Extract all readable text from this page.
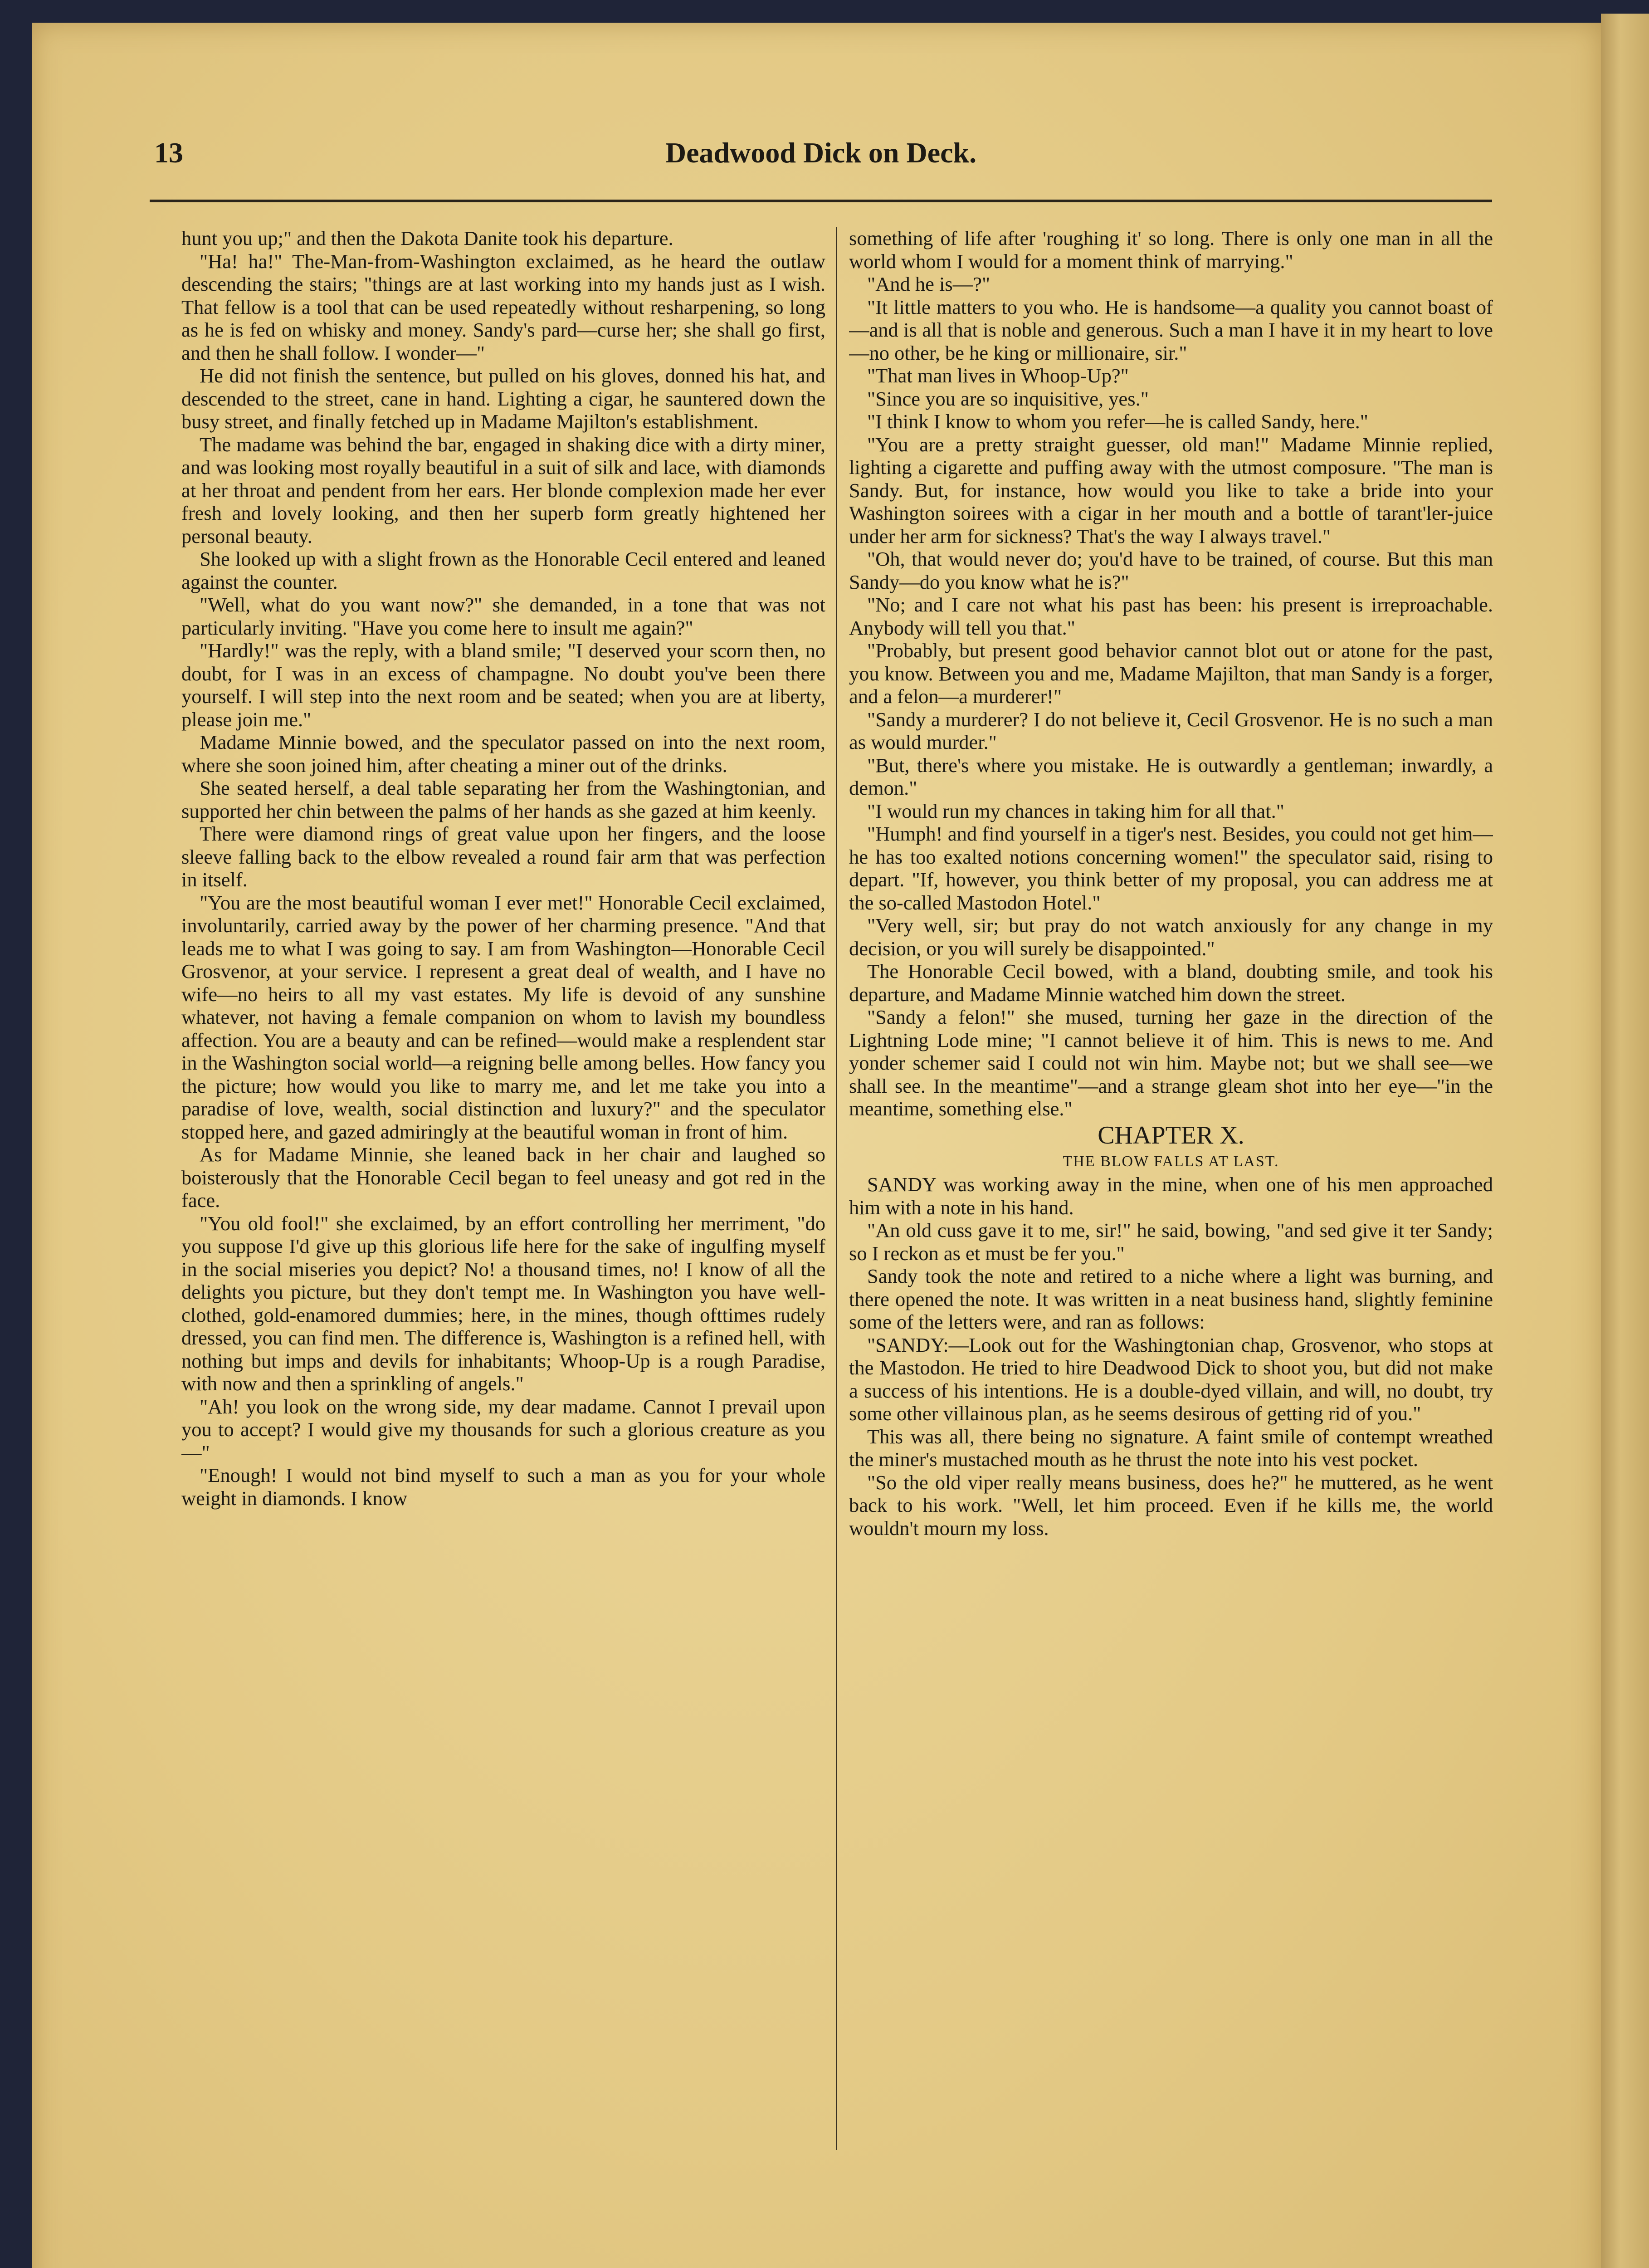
13	Deadwood Dick on Deck.

hunt you up;" and then the Dakota Danite took his departure.

"Ha! ha!" The-Man-from-Washington exclaimed, as he heard the outlaw descending the stairs; "things are at last working into my hands just as I wish. That fellow is a tool that can be used repeatedly without resharpening, so long as he is fed on whisky and money. Sandy's pard—curse her; she shall go first, and then he shall follow. I wonder—"

He did not finish the sentence, but pulled on his gloves, donned his hat, and descended to the street, cane in hand. Lighting a cigar, he sauntered down the busy street, and finally fetched up in Madame Majilton's establishment.

The madame was behind the bar, engaged in shaking dice with a dirty miner, and was looking most royally beautiful in a suit of silk and lace, with diamonds at her throat and pendent from her ears. Her blonde complexion made her ever fresh and lovely looking, and then her superb form greatly hightened her personal beauty.

She looked up with a slight frown as the Honorable Cecil entered and leaned against the counter.

"Well, what do you want now?" she demanded, in a tone that was not particularly inviting. "Have you come here to insult me again?"

"Hardly!" was the reply, with a bland smile; "I deserved your scorn then, no doubt, for I was in an excess of champagne. No doubt you've been there yourself. I will step into the next room and be seated; when you are at liberty, please join me."

Madame Minnie bowed, and the speculator passed on into the next room, where she soon joined him, after cheating a miner out of the drinks.

She seated herself, a deal table separating her from the Washingtonian, and supported her chin between the palms of her hands as she gazed at him keenly.

There were diamond rings of great value upon her fingers, and the loose sleeve falling back to the elbow revealed a round fair arm that was perfection in itself.

"You are the most beautiful woman I ever met!" Honorable Cecil exclaimed, involuntarily, carried away by the power of her charming presence. "And that leads me to what I was going to say. I am from Washington—Honorable Cecil Grosvenor, at your service. I represent a great deal of wealth, and I have no wife—no heirs to all my vast estates. My life is devoid of any sunshine whatever, not having a female companion on whom to lavish my boundless affection. You are a beauty and can be refined—would make a resplendent star in the Washington social world—a reigning belle among belles. How fancy you the picture; how would you like to marry me, and let me take you into a paradise of love, wealth, social distinction and luxury?" and the speculator stopped here, and gazed admiringly at the beautiful woman in front of him.

As for Madame Minnie, she leaned back in her chair and laughed so boisterously that the Honorable Cecil began to feel uneasy and got red in the face.

"You old fool!" she exclaimed, by an effort controlling her merriment, "do you suppose I'd give up this glorious life here for the sake of ingulfing myself in the social miseries you depict? No! a thousand times, no! I know of all the delights you picture, but they don't tempt me. In Washington you have well-clothed, gold-enamored dummies; here, in the mines, though ofttimes rudely dressed, you can find men. The difference is, Washington is a refined hell, with nothing but imps and devils for inhabitants; Whoop-Up is a rough Paradise, with now and then a sprinkling of angels."

"Ah! you look on the wrong side, my dear madame. Cannot I prevail upon you to accept? I would give my thousands for such a glorious creature as you—"

"Enough! I would not bind myself to such a man as you for your whole weight in diamonds. I know

something of life after 'roughing it' so long. There is only one man in all the world whom I would for a moment think of marrying."

"And he is—?"

"It little matters to you who. He is handsome—a quality you cannot boast of—and is all that is noble and generous. Such a man I have it in my heart to love—no other, be he king or millionaire, sir."

"That man lives in Whoop-Up?"

"Since you are so inquisitive, yes."

"I think I know to whom you refer—he is called Sandy, here."

"You are a pretty straight guesser, old man!" Madame Minnie replied, lighting a cigarette and puffing away with the utmost composure. "The man is Sandy. But, for instance, how would you like to take a bride into your Washington soirees with a cigar in her mouth and a bottle of tarant'ler-juice under her arm for sickness? That's the way I always travel."

"Oh, that would never do; you'd have to be trained, of course. But this man Sandy—do you know what he is?"

"No; and I care not what his past has been: his present is irreproachable. Anybody will tell you that."

"Probably, but present good behavior cannot blot out or atone for the past, you know. Between you and me, Madame Majilton, that man Sandy is a forger, and a felon—a murderer!"

"Sandy a murderer? I do not believe it, Cecil Grosvenor. He is no such a man as would murder."

"But, there's where you mistake. He is outwardly a gentleman; inwardly, a demon."

"I would run my chances in taking him for all that."

"Humph! and find yourself in a tiger's nest. Besides, you could not get him—he has too exalted notions concerning women!" the speculator said, rising to depart. "If, however, you think better of my proposal, you can address me at the so-called Mastodon Hotel."

"Very well, sir; but pray do not watch anxiously for any change in my decision, or you will surely be disappointed."

The Honorable Cecil bowed, with a bland, doubting smile, and took his departure, and Madame Minnie watched him down the street.

"Sandy a felon!" she mused, turning her gaze in the direction of the Lightning Lode mine; "I cannot believe it of him. This is news to me. And yonder schemer said I could not win him. Maybe not; but we shall see—we shall see. In the meantime"—and a strange gleam shot into her eye—"in the meantime, something else."

CHAPTER X.

THE BLOW FALLS AT LAST.

SANDY was working away in the mine, when one of his men approached him with a note in his hand.

"An old cuss gave it to me, sir!" he said, bowing, "and sed give it ter Sandy; so I reckon as et must be fer you."

Sandy took the note and retired to a niche where a light was burning, and there opened the note. It was written in a neat business hand, slightly feminine some of the letters were, and ran as follows:

"SANDY:—Look out for the Washingtonian chap, Grosvenor, who stops at the Mastodon. He tried to hire Deadwood Dick to shoot you, but did not make a success of his intentions. He is a double-dyed villain, and will, no doubt, try some other villainous plan, as he seems desirous of getting rid of you."

This was all, there being no signature. A faint smile of contempt wreathed the miner's mustached mouth as he thrust the note into his vest pocket.

"So the old viper really means business, does he?" he muttered, as he went back to his work. "Well, let him proceed. Even if he kills me, the world wouldn't mourn my loss.
